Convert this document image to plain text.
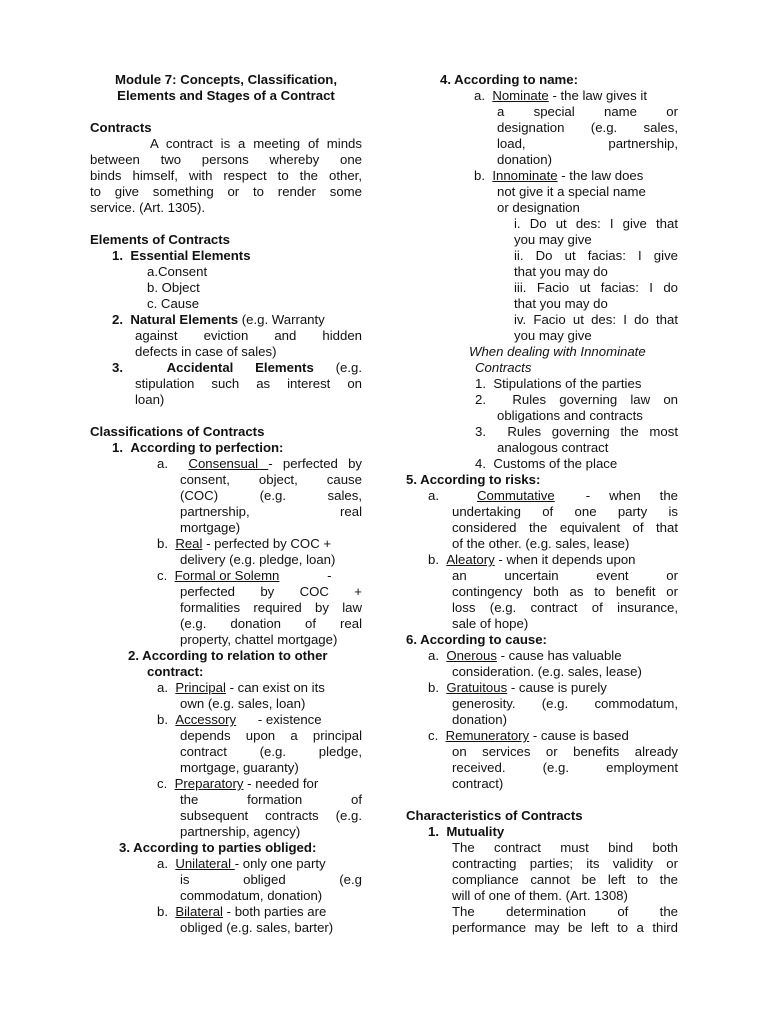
Module 7: Concepts, Classification,
Elements and Stages of a Contract
Contracts
A contract is a meeting of minds
between two persons whereby one
binds himself, with respect to the other,
to give something or to render some
service. (Art. 1305).
Elements of Contracts
1.  Essential Elements
a.Consent
b. Object
c. Cause
2.  Natural Elements (e.g. Warranty
against eviction and hidden
defects in case of sales)
3.  Accidental Elements (e.g.
stipulation such as interest on
loan)
Classifications of Contracts
1.  According to perfection:
a.  Consensual - perfected by
consent, object, cause
(COC) (e.g. sales,
partnership, real
mortgage)
b. Real - perfected by COC +
delivery (e.g. pledge, loan)
c. Formal or Solemn	-
perfected by COC +
formalities required by law
(e.g. donation of real
property, chattel mortgage)
2. According to relation to other
contract:
a. Principal - can exist on its
own (e.g. sales, loan)
b. Accessory - existence
depends upon a principal
contract (e.g. pledge,
mortgage, guaranty)
c. Preparatory - needed for
the formation of
subsequent contracts (e.g.
partnership, agency)
3. According to parties obliged:
a. Unilateral - only one party
is obliged (e.g
commodatum, donation)
b. Bilateral - both parties are
obliged (e.g. sales, barter)
4. According to name:
a. Nominate - the law gives it
a special name or
designation (e.g. sales,
load, partnership,
donation)
b. Innominate - the law does
not give it a special name
or designation
i. Do ut des: I give that
you may give
ii. Do ut facias: I give
that you may do
iii. Facio ut facias: I do
that you may do
iv. Facio ut des: I do that
you may give
When dealing with Innominate
Contracts
1.  Stipulations of the parties
2.  Rules governing law on
obligations and contracts
3.  Rules governing the most
analogous contract
4.  Customs of the place
5. According to risks:
a.	Commutative - when the
undertaking of one party is
considered the equivalent of that
of the other. (e.g. sales, lease)
b. Aleatory - when it depends upon
an uncertain event or
contingency both as to benefit or
loss (e.g. contract of insurance,
sale of hope)
6. According to cause:
a. Onerous - cause has valuable
consideration. (e.g. sales, lease)
b. Gratuitous - cause is purely
generosity. (e.g. commodatum,
donation)
c. Remuneratory - cause is based
on services or benefits already
received. (e.g. employment
contract)
Characteristics of Contracts
1.  Mutuality
The contract must bind both
contracting parties; its validity or
compliance cannot be left to the
will of one of them. (Art. 1308)
The determination of the
performance may be left to a third
